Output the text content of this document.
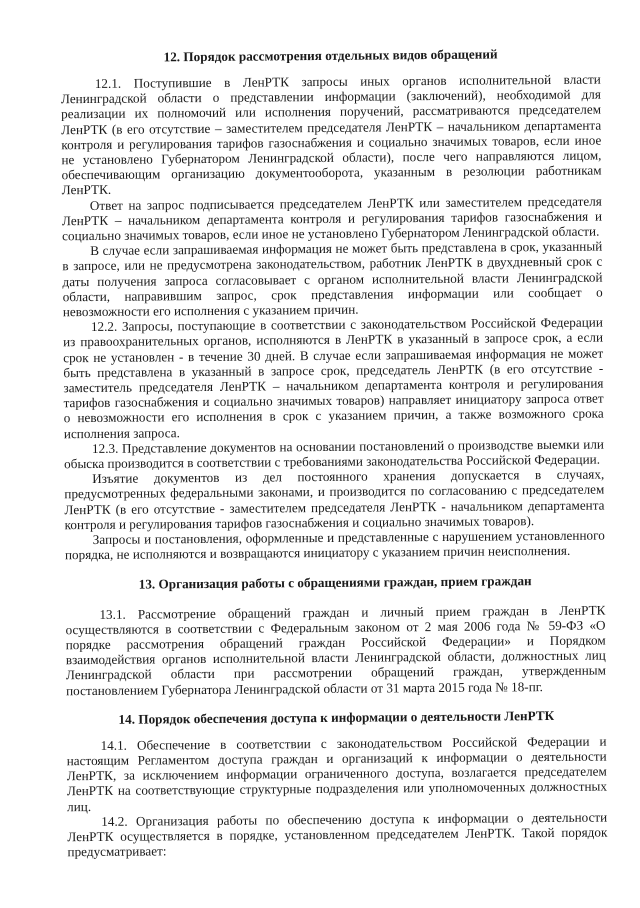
12. Порядок рассмотрения отдельных видов обращений

12.1. Поступившие в ЛенРТК запросы иных органов исполнительной власти Ленинградской области о представлении информации (заключений), необходимой для реализации их полномочий или исполнения поручений, рассматриваются председателем ЛенРТК (в его отсутствие – заместителем председателя ЛенРТК – начальником департамента контроля и регулирования тарифов газоснабжения и социально значимых товаров, если иное не установлено Губернатором Ленинградской области), после чего направляются лицом, обеспечивающим организацию документооборота, указанным в резолюции работникам ЛенРТК.

Ответ на запрос подписывается председателем ЛенРТК или заместителем председателя ЛенРТК – начальником департамента контроля и регулирования тарифов газоснабжения и социально значимых товаров, если иное не установлено Губернатором Ленинградской области.

В случае если запрашиваемая информация не может быть представлена в срок, указанный в запросе, или не предусмотрена законодательством, работник ЛенРТК в двухдневный срок с даты получения запроса согласовывает с органом исполнительной власти Ленинградской области, направившим запрос, срок представления информации или сообщает о невозможности его исполнения с указанием причин.

12.2. Запросы, поступающие в соответствии с законодательством Российской Федерации из правоохранительных органов, исполняются в ЛенРТК в указанный в запросе срок, а если срок не установлен - в течение 30 дней. В случае если запрашиваемая информация не может быть представлена в указанный в запросе срок, председатель ЛенРТК (в его отсутствие - заместитель председателя ЛенРТК – начальником департамента контроля и регулирования тарифов газоснабжения и социально значимых товаров) направляет инициатору запроса ответ о невозможности его исполнения в срок с указанием причин, а также возможного срока исполнения запроса.

12.3. Представление документов на основании постановлений о производстве выемки или обыска производится в соответствии с требованиями законодательства Российской Федерации.

Изъятие документов из дел постоянного хранения допускается в случаях, предусмотренных федеральными законами, и производится по согласованию с председателем ЛенРТК (в его отсутствие - заместителем председателя ЛенРТК - начальником департамента контроля и регулирования тарифов газоснабжения и социально значимых товаров).

Запросы и постановления, оформленные и представленные с нарушением установленного порядка, не исполняются и возвращаются инициатору с указанием причин неисполнения.

13. Организация работы с обращениями граждан, прием граждан

13.1. Рассмотрение обращений граждан и личный прием граждан в ЛенРТК осуществляются в соответствии с Федеральным законом от 2 мая 2006 года № 59-ФЗ «О порядке рассмотрения обращений граждан Российской Федерации» и Порядком взаимодействия органов исполнительной власти Ленинградской области, должностных лиц Ленинградской области при рассмотрении обращений граждан, утвержденным постановлением Губернатора Ленинградской области от 31 марта 2015 года № 18-пг.

14. Порядок обеспечения доступа к информации о деятельности ЛенРТК

14.1. Обеспечение в соответствии с законодательством Российской Федерации и настоящим Регламентом доступа граждан и организаций к информации о деятельности ЛенРТК, за исключением информации ограниченного доступа, возлагается председателем ЛенРТК на соответствующие структурные подразделения или уполномоченных должностных лиц.

14.2. Организация работы по обеспечению доступа к информации о деятельности ЛенРТК осуществляется в порядке, установленном председателем ЛенРТК. Такой порядок предусматривает:
